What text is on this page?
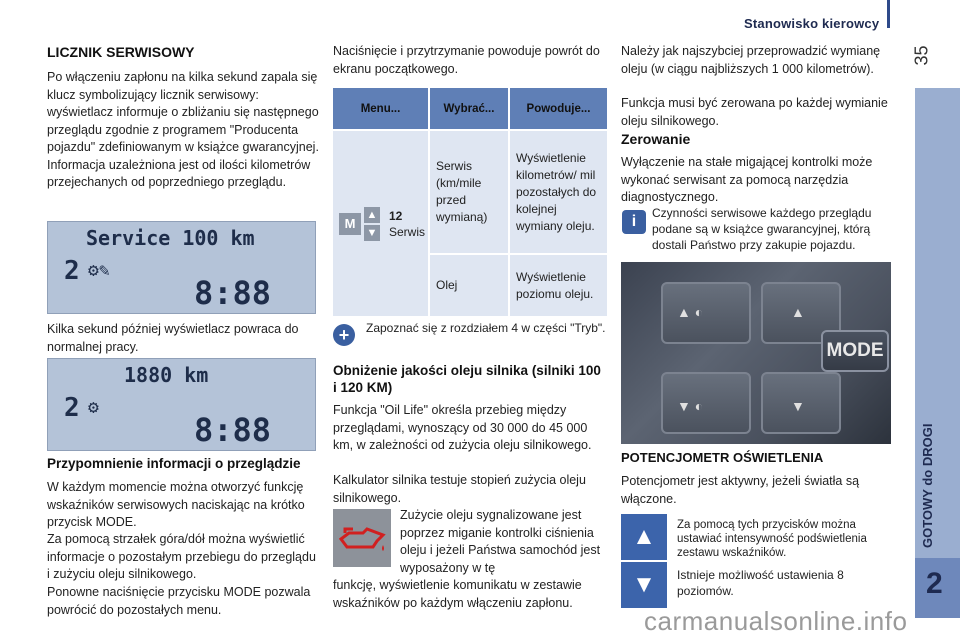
Stanowisko kierowcy
35
GOTOWY do DROGI
2
LICZNIK SERWISOWY

Po włączeniu zapłonu na kilka sekund zapala się klucz symbolizujący licznik serwisowy: wyświetlacz informuje o zbliżaniu się następnego przeglądu zgodnie z programem "Producenta pojazdu" zdefiniowanym w książce gwarancyjnej. Informacja uzależniona jest od ilości kilometrów przejechanych od poprzedniego przeglądu.

Service 100 km
2 ⚙✎
8:88

Kilka sekund później wyświetlacz powraca do normalnej pracy.

1880 km
2 ⚙
8:88
Przypomnienie informacji o przeglądzie

W każdym momencie można otworzyć funkcję wskaźników serwisowych naciskając na krótko przycisk MODE.

Za pomocą strzałek góra/dół można wyświetlić informacje o pozostałym przebiegu do przeglądu i zużyciu oleju silnikowego.

Ponowne naciśnięcie przycisku MODE pozwala powrócić do pozostałych menu.

Naciśnięcie i przytrzymanie powoduje powrót do ekranu początkowego.

Menu...	Wybrać...	Powoduje...

M
▲
▼
12
Serwis	Serwis (km/mile przed wymianą)	Wyświetlenie kilometrów/ mil pozostałych do kolejnej wymiany oleju.
	Olej	Wyświetlenie poziomu oleju.
+	Zapoznać się z rozdziałem 4 w części "Tryb".

Obniżenie jakości oleju silnika (silniki 100 i 120 KM)

Funkcja "Oil Life" określa przebieg między przeglądami, wynoszący od 30 000 do 45 000 km, w zależności od zużycia oleju silnikowego.

Kalkulator silnika testuje stopień zużycia oleju silnikowego.

Zużycie oleju sygnalizowane jest poprzez miganie kontrolki ciśnienia oleju i jeżeli Państwa samochód jest wyposażony w tę

funkcję, wyświetlenie komunikatu w zestawie wskaźników po każdym włączeniu zapłonu.

Należy jak najszybciej przeprowadzić wymianę oleju (w ciągu najbliższych 1 000 kilometrów).

Funkcja musi być zerowana po każdej wymianie oleju silnikowego.

Zerowanie

Wyłączenie na stałe migającej kontrolki może wykonać serwisant za pomocą narzędzia diagnostycznego.

i	Czynności serwisowe każdego przeglądu podane są w książce gwarancyjnej, którą dostali Państwo przy zakupie pojazdu.

▲ ◐	▲
▼ ◐	▼
MODE
POTENCJOMETR OŚWIETLENIA

Potencjometr jest aktywny, jeżeli światła są włączone.

▲
▼

Za pomocą tych przycisków można ustawiać intensywność podświetlenia zestawu wskaźników.

Istnieje możliwość ustawienia 8 poziomów.

carmanualsonline.info
